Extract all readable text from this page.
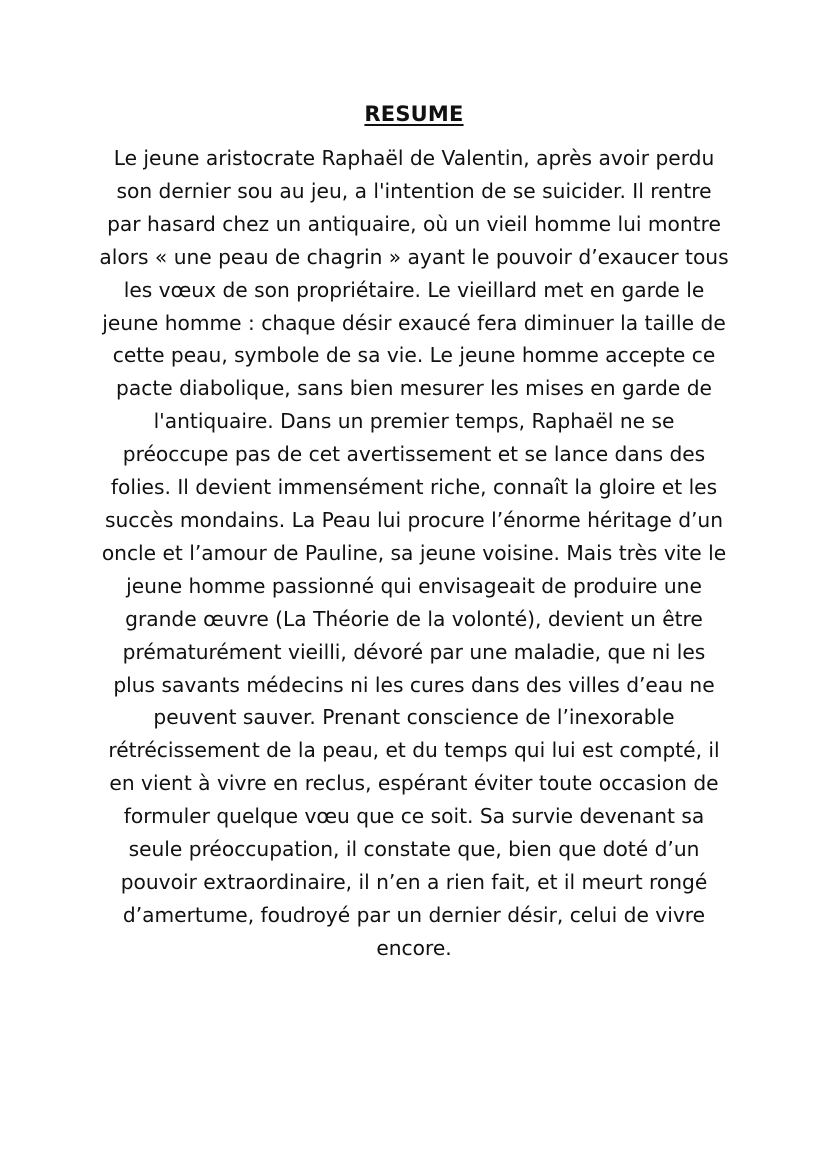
RESUME
Le jeune aristocrate Raphaël de Valentin, après avoir perdu
son dernier sou au jeu, a l'intention de se suicider. Il rentre
par hasard chez un antiquaire, où un vieil homme lui montre
alors « une peau de chagrin » ayant le pouvoir d’exaucer tous
les vœux de son propriétaire. Le vieillard met en garde le
jeune homme : chaque désir exaucé fera diminuer la taille de
cette peau, symbole de sa vie. Le jeune homme accepte ce
pacte diabolique, sans bien mesurer les mises en garde de
l'antiquaire. Dans un premier temps, Raphaël ne se
préoccupe pas de cet avertissement et se lance dans des
folies. Il devient immensément riche, connaît la gloire et les
succès mondains. La Peau lui procure l’énorme héritage d’un
oncle et l’amour de Pauline, sa jeune voisine. Mais très vite le
jeune homme passionné qui envisageait de produire une
grande œuvre (La Théorie de la volonté), devient un être
prématurément vieilli, dévoré par une maladie, que ni les
plus savants médecins ni les cures dans des villes d’eau ne
peuvent sauver. Prenant conscience de l’inexorable
rétrécissement de la peau, et du temps qui lui est compté, il
en vient à vivre en reclus, espérant éviter toute occasion de
formuler quelque vœu que ce soit. Sa survie devenant sa
seule préoccupation, il constate que, bien que doté d’un
pouvoir extraordinaire, il n’en a rien fait, et il meurt rongé
d’amertume, foudroyé par un dernier désir, celui de vivre
encore.
